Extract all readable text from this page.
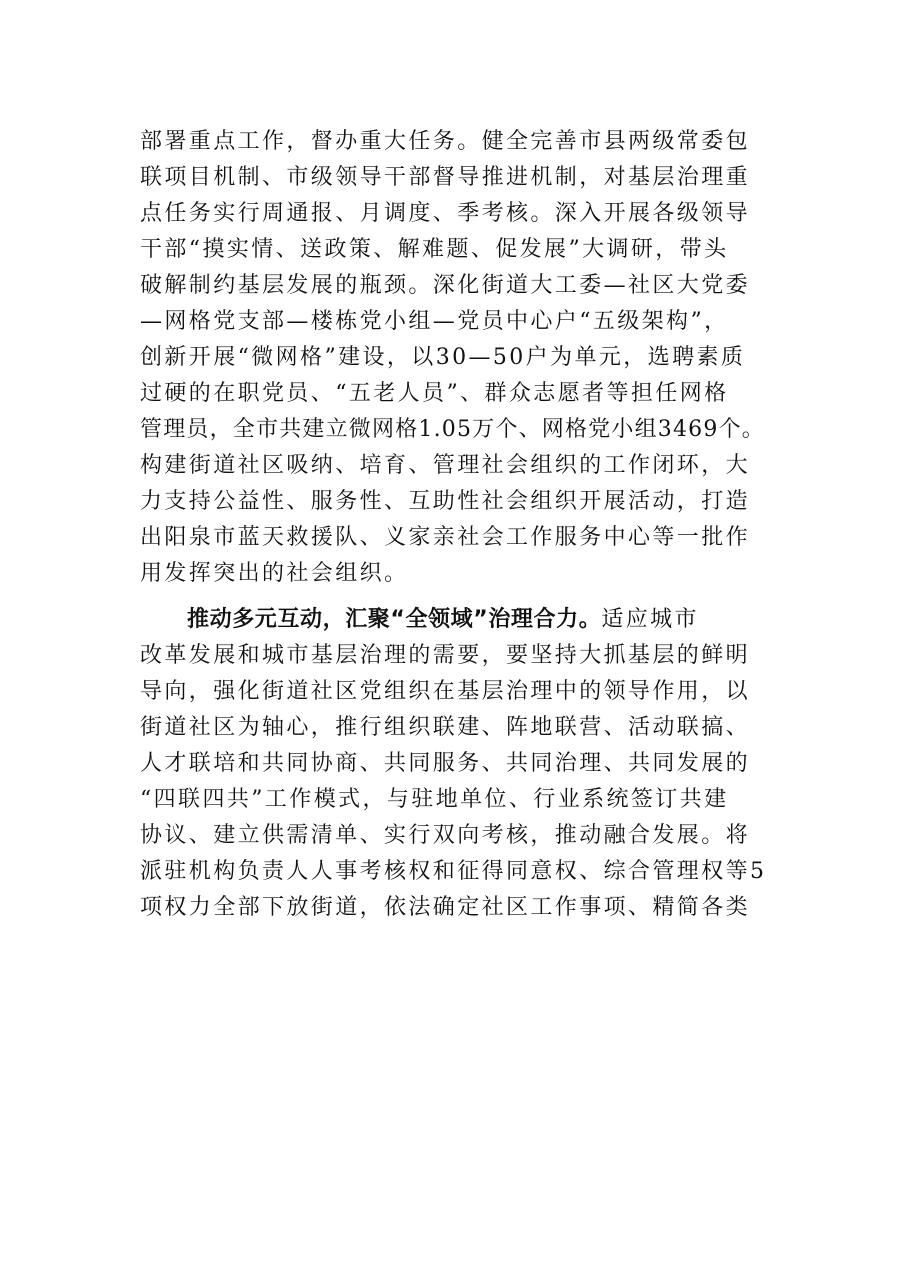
部署重点工作，督办重大任务。健全完善市县两级常委包
联项目机制、市级领导干部督导推进机制，对基层治理重
点任务实行周通报、月调度、季考核。深入开展各级领导
干部“摸实情、送政策、解难题、促发展”大调研，带头
破解制约基层发展的瓶颈。深化街道大工委—社区大党委
—网格党支部—楼栋党小组—党员中心户“五级架构”，
创新开展“微网格”建设，以30—50户为单元，选聘素质
过硬的在职党员、“五老人员”、群众志愿者等担任网格
管理员，全市共建立微网格1.05万个、网格党小组3469个。
构建街道社区吸纳、培育、管理社会组织的工作闭环，大
力支持公益性、服务性、互助性社会组织开展活动，打造
出阳泉市蓝天救援队、义家亲社会工作服务中心等一批作
用发挥突出的社会组织。
推动多元互动，汇聚“全领域”治理合力。适应城市
改革发展和城市基层治理的需要，要坚持大抓基层的鲜明
导向，强化街道社区党组织在基层治理中的领导作用，以
街道社区为轴心，推行组织联建、阵地联营、活动联搞、
人才联培和共同协商、共同服务、共同治理、共同发展的
“四联四共”工作模式，与驻地单位、行业系统签订共建
协议、建立供需清单、实行双向考核，推动融合发展。将
派驻机构负责人人事考核权和征得同意权、综合管理权等5
项权力全部下放街道，依法确定社区工作事项、精简各类
